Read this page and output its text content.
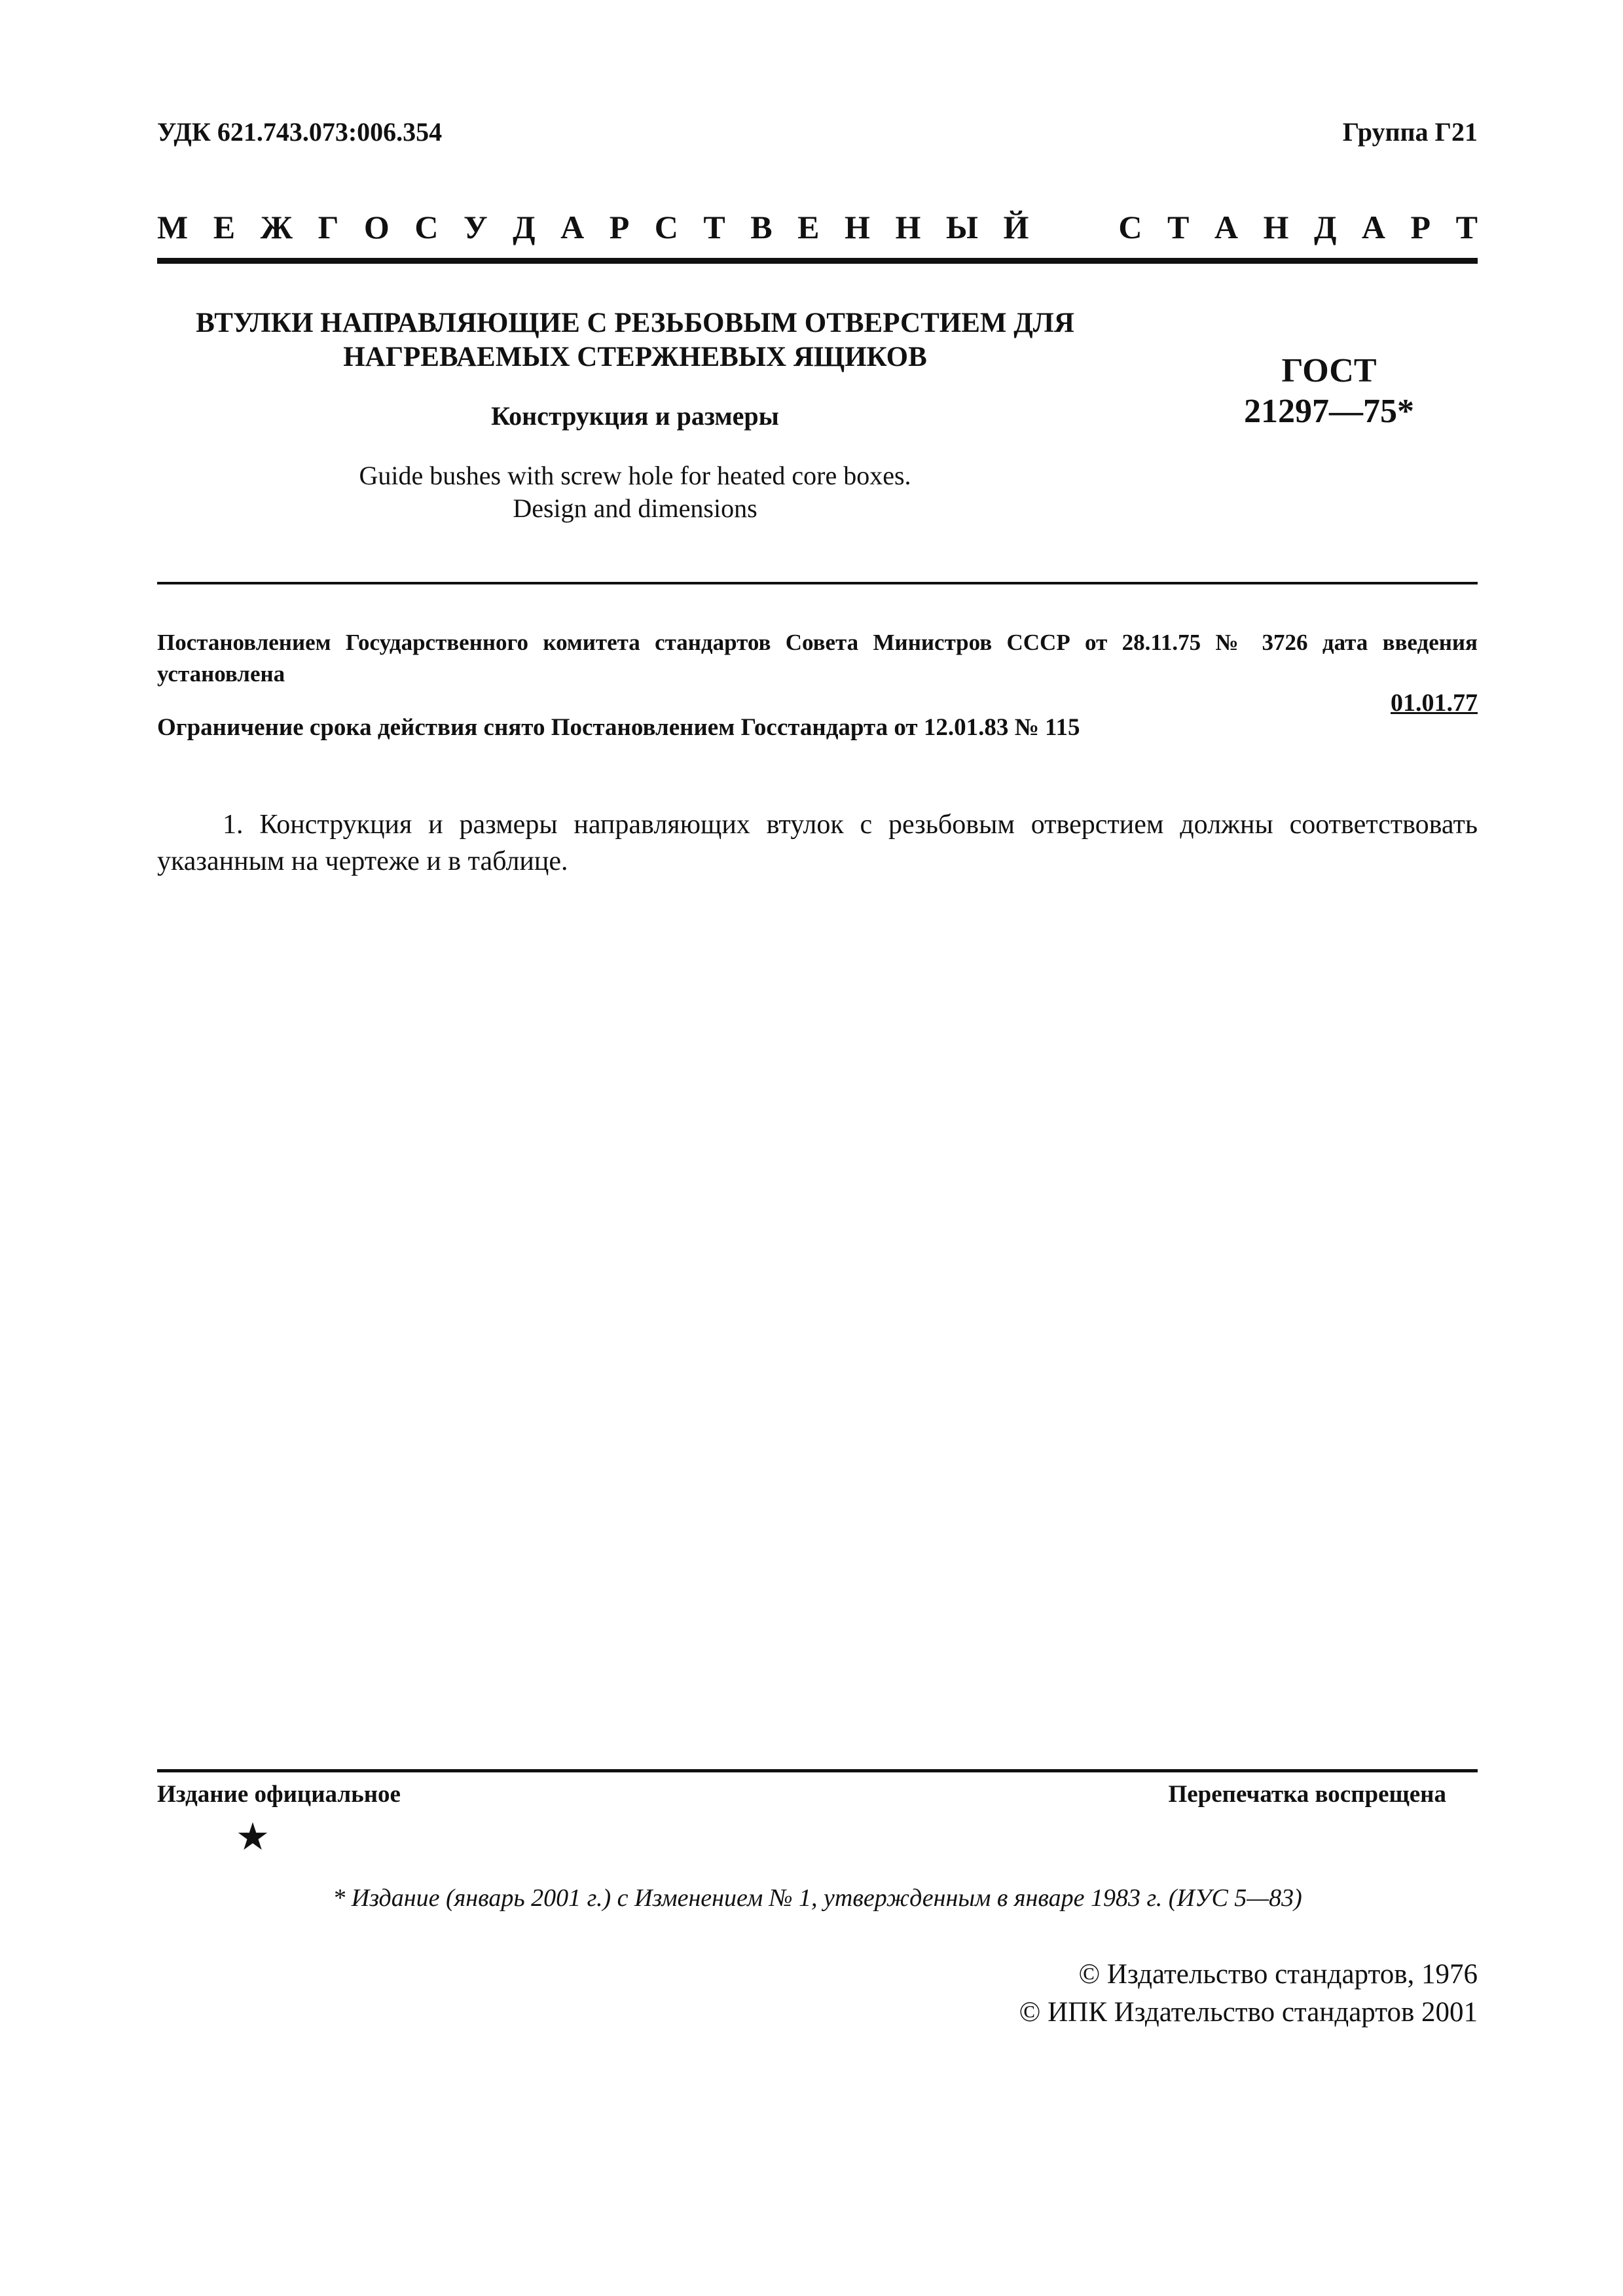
УДК 621.743.073:006.354	Группа Г21
М Е Ж Г О С У Д А Р С Т В Е Н Н Ы Й	С Т А Н Д А Р Т
ВТУЛКИ НАПРАВЛЯЮЩИЕ С РЕЗЬБОВЫМ ОТВЕРСТИЕМ ДЛЯ
НАГРЕВАЕМЫХ СТЕРЖНЕВЫХ ЯЩИКОВ
Конструкция и размеры
Guide bushes with screw hole for heated core boxes.
Design and dimensions
ГОСТ
21297—75*
Постановлением Государственного комитета стандартов Совета Министров СССР от 28.11.75 № 3726 дата введения установлена
01.01.77
Ограничение срока действия снято Постановлением Госстандарта от 12.01.83 № 115
1. Конструкция и размеры направляющих втулок с резьбовым отверстием должны соответствовать указанным на чертеже и в таблице.
Издание официальное	Перепечатка воспрещена
★
* Издание (январь 2001 г.) с Изменением № 1, утвержденным в январе 1983 г. (ИУС 5—83)
© Издательство стандартов, 1976
© ИПК Издательство стандартов 2001
